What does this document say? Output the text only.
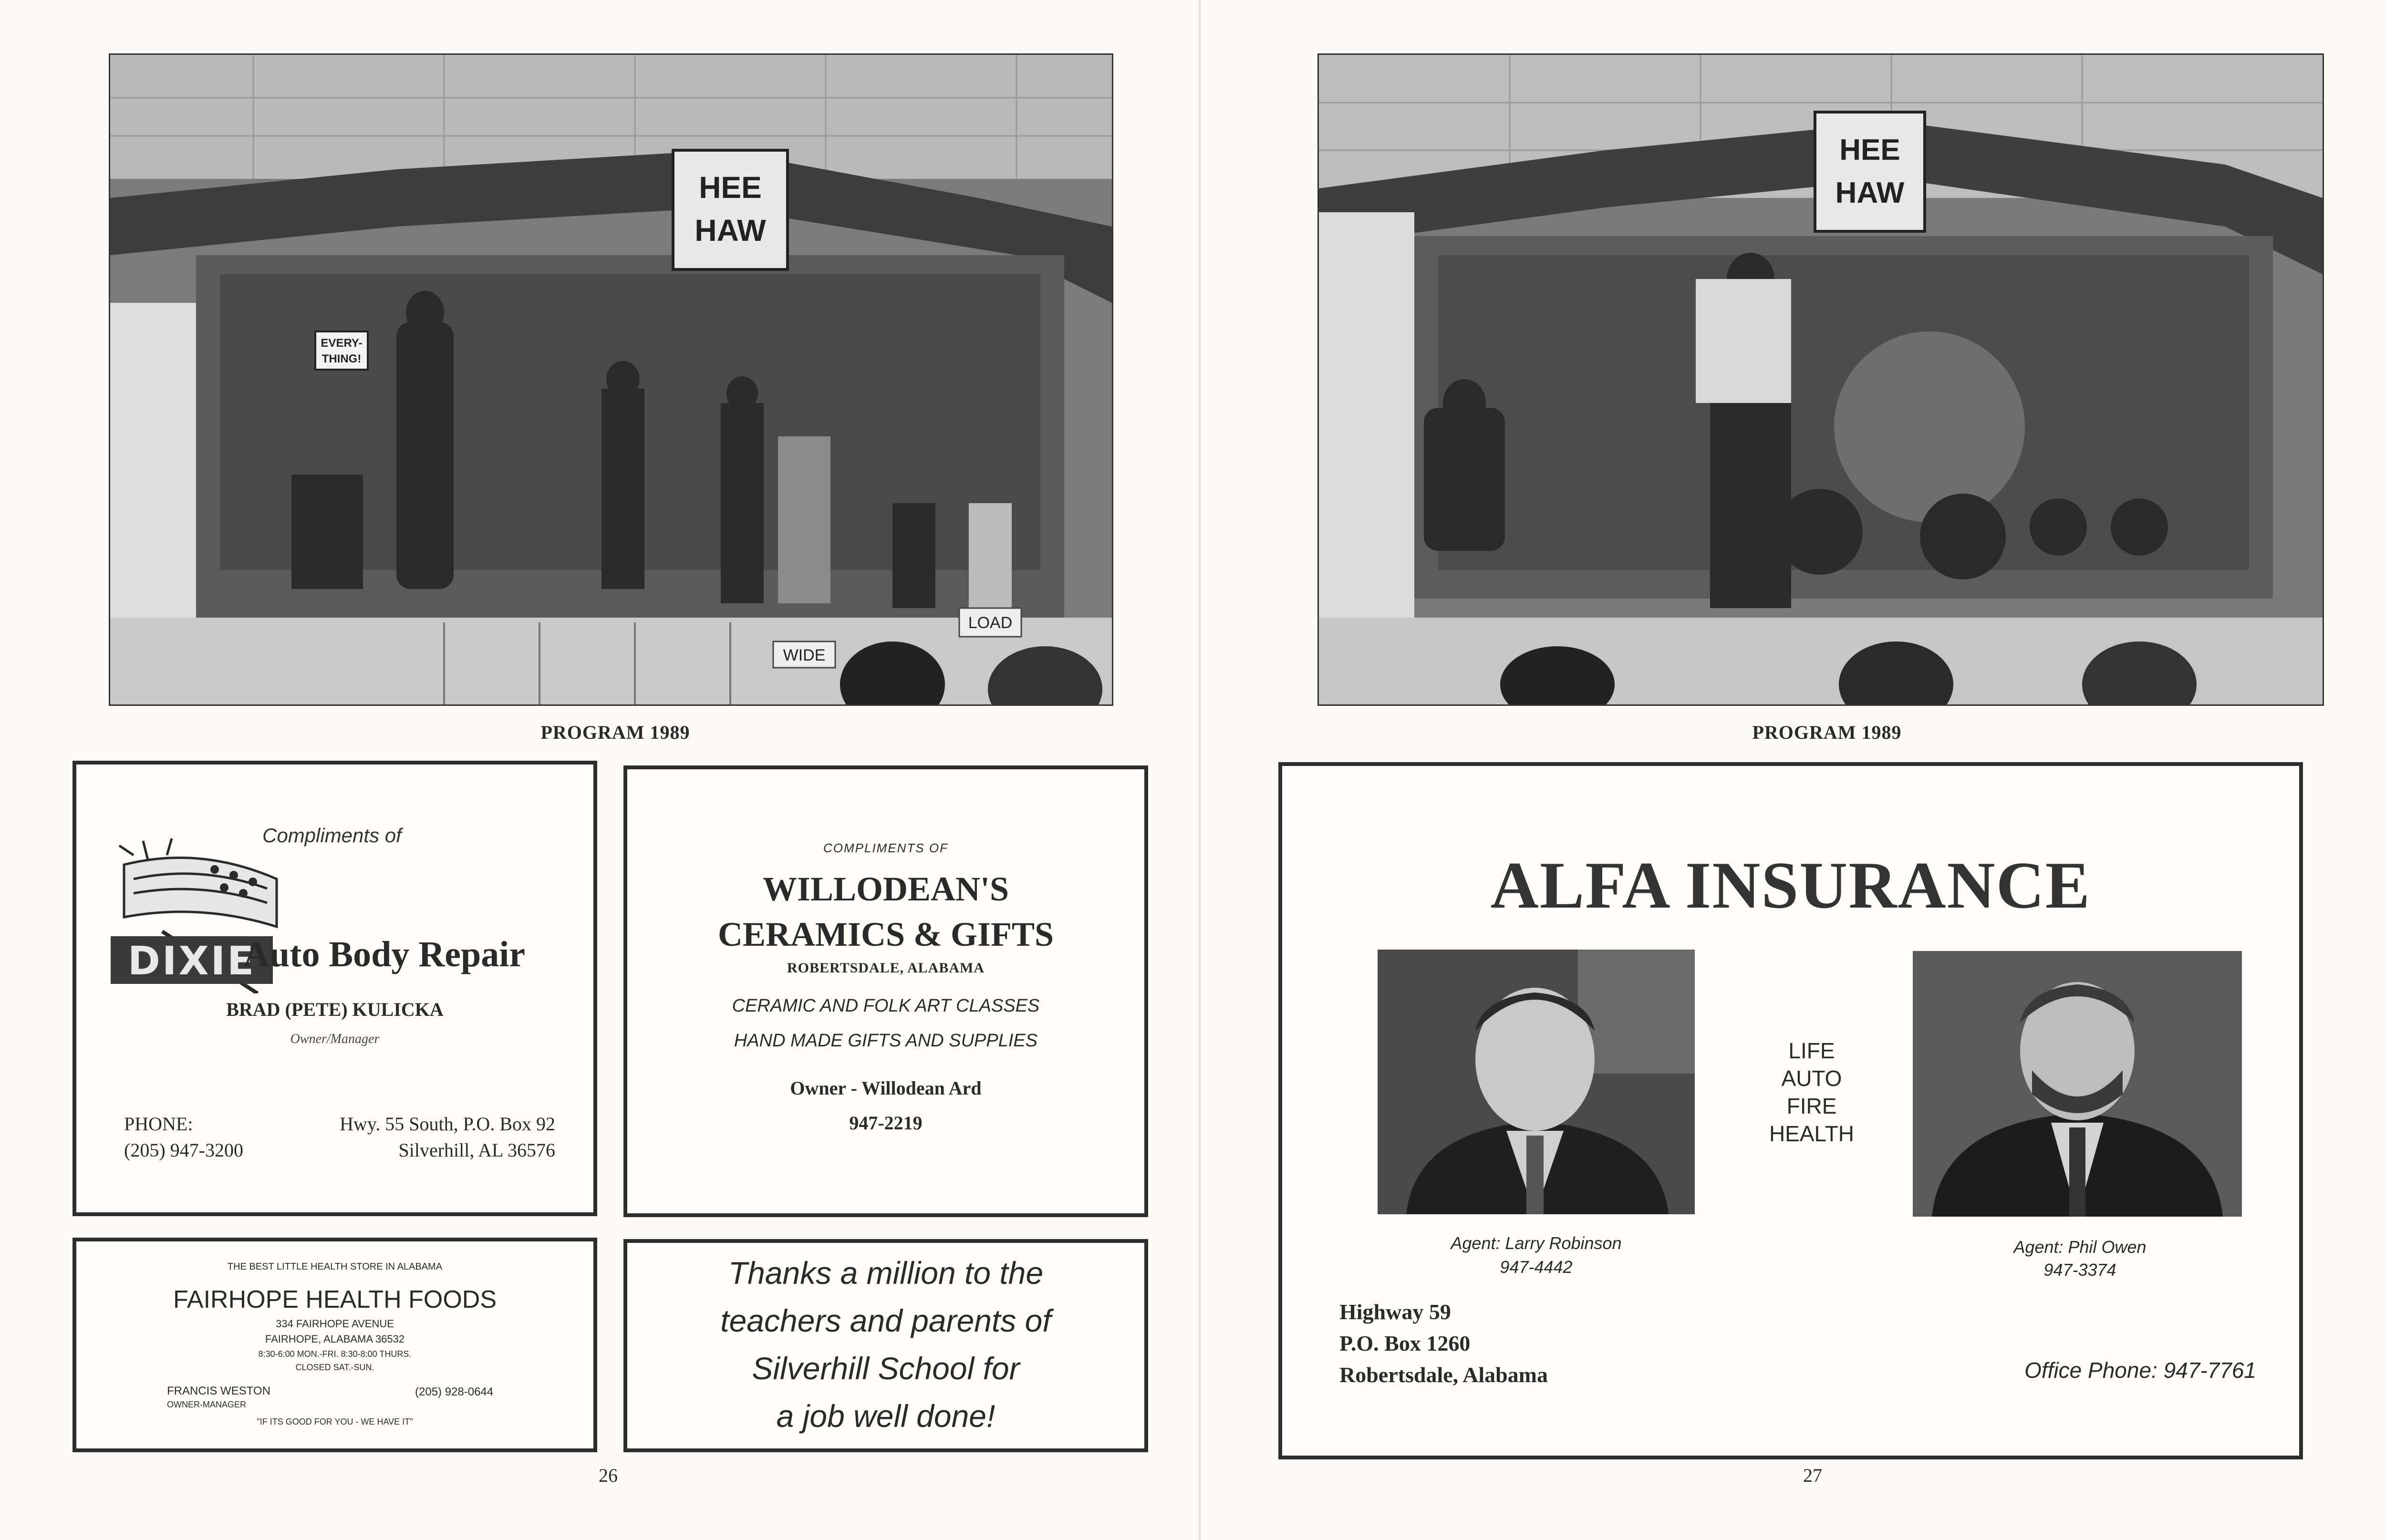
HEE
HAW
EVERY-
THING!
WIDE
LOAD
PROGRAM 1989
Compliments of
DIXIE
Auto Body Repair
BRAD (PETE) KULICKA
Owner/Manager
PHONE:
(205) 947-3200
Hwy. 55 South, P.O. Box 92
Silverhill, AL 36576
COMPLIMENTS OF
WILLODEAN'S
CERAMICS & GIFTS
ROBERTSDALE, ALABAMA
CERAMIC AND FOLK ART CLASSES
HAND MADE GIFTS AND SUPPLIES
Owner - Willodean Ard
947-2219
THE BEST LITTLE HEALTH STORE IN ALABAMA
FAIRHOPE HEALTH FOODS
334 FAIRHOPE AVENUE
FAIRHOPE, ALABAMA 36532
8:30-6:00 MON.-FRI. 8:30-8:00 THURS.
CLOSED SAT.-SUN.
FRANCIS WESTON
OWNER-MANAGER
(205) 928-0644
"IF ITS GOOD FOR YOU - WE HAVE IT"
Thanks a million to the
teachers and parents of
Silverhill School for
a job well done!
26
HEE
HAW
PROGRAM 1989
ALFA INSURANCE
Agent: Larry Robinson
947-4442
LIFE
AUTO
FIRE
HEALTH
Agent: Phil Owen
947-3374
Highway 59
P.O. Box 1260
Robertsdale, Alabama	Office Phone: 947-7761
27
